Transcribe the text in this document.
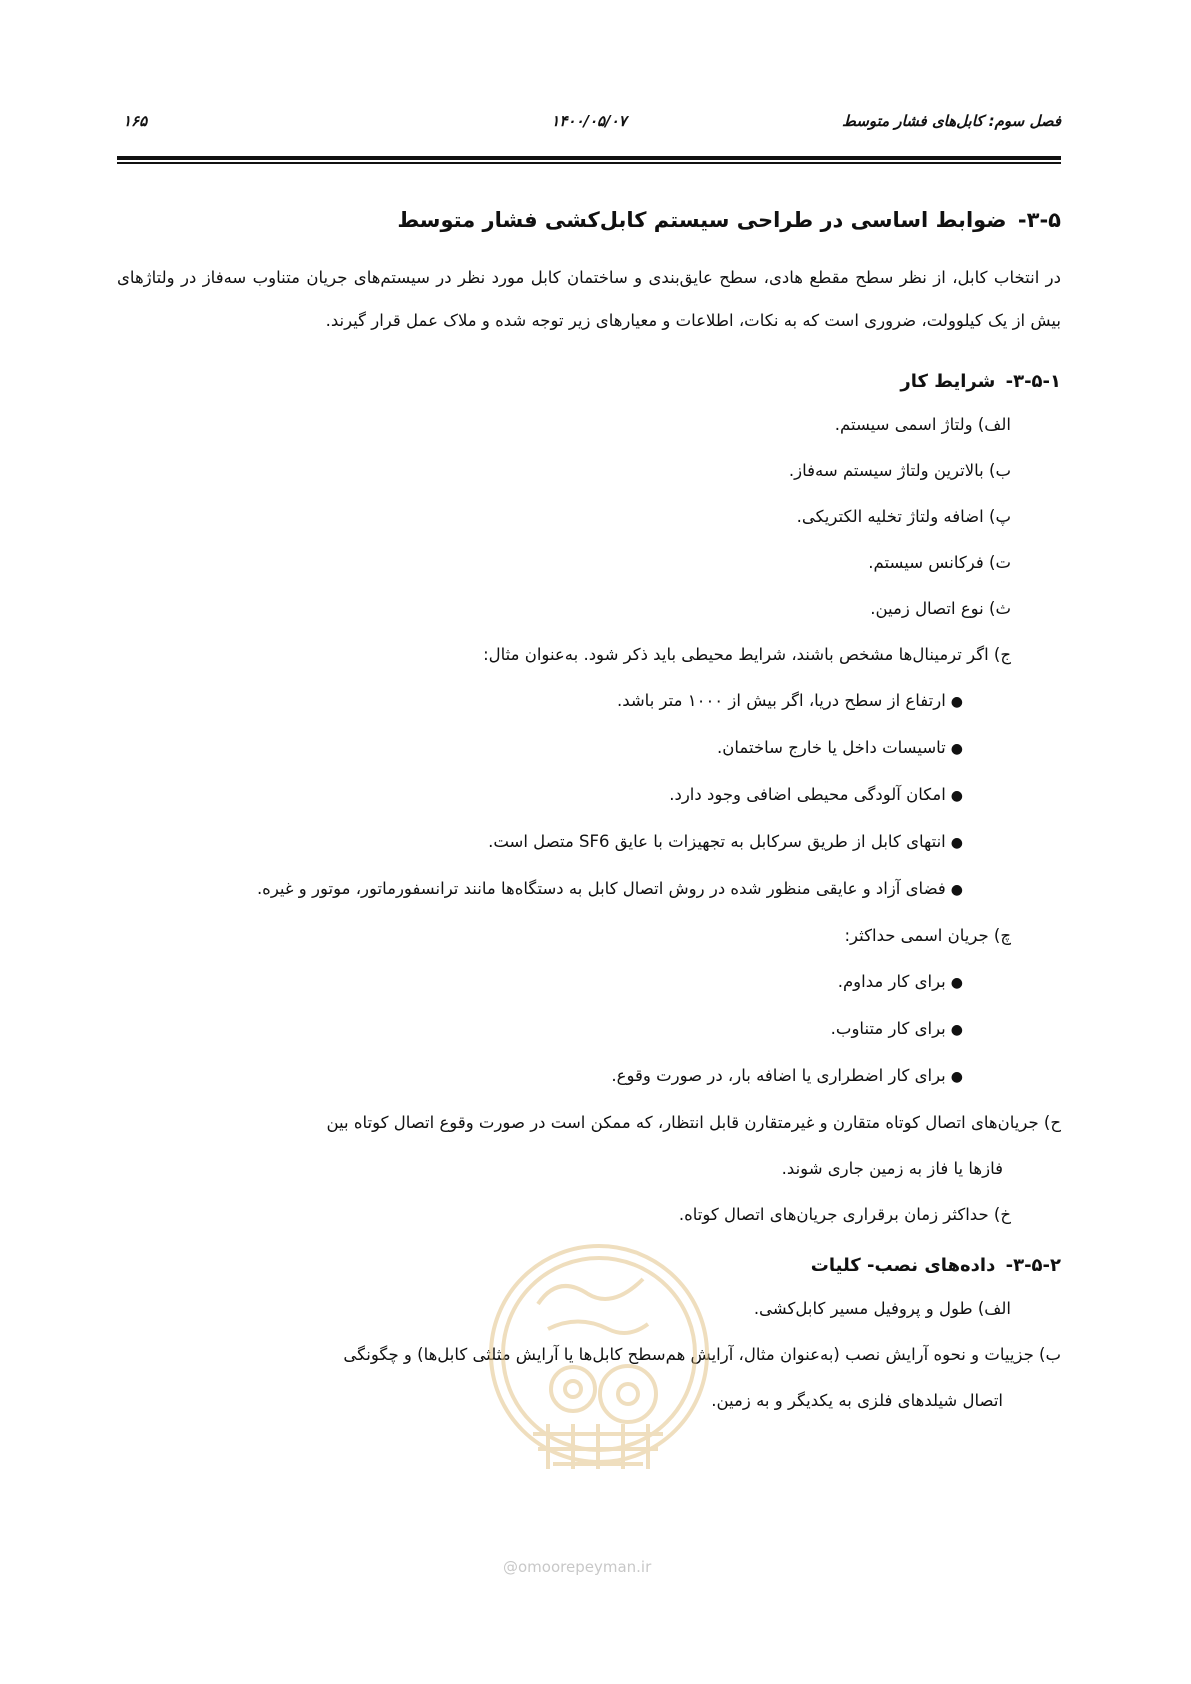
فصل سوم: کابل‌های فشار متوسط
۱۴۰۰/۰۵/۰۷
۱۶۵
۳-۵- ضوابط اساسی در طراحی سیستم کابل‌کشی فشار متوسط

در انتخاب کابل، از نظر سطح مقطع هادی، سطح عایق‌بندی و ساختمان کابل مورد نظر در سیستم‌های جریان متناوب سه‌فاز در ولتاژهای بیش از یک کیلوولت، ضروری است که به نکات، اطلاعات و معیارهای زیر توجه شده و ملاک عمل قرار گیرند.

۳-۵-۱- شرایط کار
الف) ولتاژ اسمی سیستم.
ب) بالاترین ولتاژ سیستم سه‌فاز.
پ) اضافه ولتاژ تخلیه الکتریکی.
ت) فرکانس سیستم.
ث) نوع اتصال زمین.
ج) اگر ترمینال‌ها مشخص باشند، شرایط محیطی باید ذکر شود. به‌عنوان مثال:
●ارتفاع از سطح دریا، اگر بیش از ۱۰۰۰ متر باشد.
●تاسیسات داخل یا خارج ساختمان.
●امکان آلودگی محیطی اضافی وجود دارد.
●انتهای کابل از طریق سرکابل به تجهیزات با عایق SF6 متصل است.
●فضای آزاد و عایقی منظور شده در روش اتصال کابل به دستگاه‌ها مانند ترانسفورماتور، موتور و غیره.
چ) جریان اسمی حداکثر:
●برای کار مداوم.
●برای کار متناوب.
●برای کار اضطراری یا اضافه بار، در صورت وقوع.
ح) جریان‌های اتصال کوتاه متقارن و غیرمتقارن قابل انتظار، که ممکن است در صورت وقوع اتصال کوتاه بین
فازها یا فاز به زمین جاری شوند.
خ) حداکثر زمان برقراری جریان‌های اتصال کوتاه.
۳-۵-۲- داده‌های نصب- کلیات
الف) طول و پروفیل مسیر کابل‌کشی.
ب) جزییات و نحوه آرایش نصب (به‌عنوان مثال، آرایش هم‌سطح کابل‌ها یا آرایش مثلثی کابل‌ها) و چگونگی
اتصال شیلدهای فلزی به یکدیگر و به زمین.
@omoorepeyman.ir
